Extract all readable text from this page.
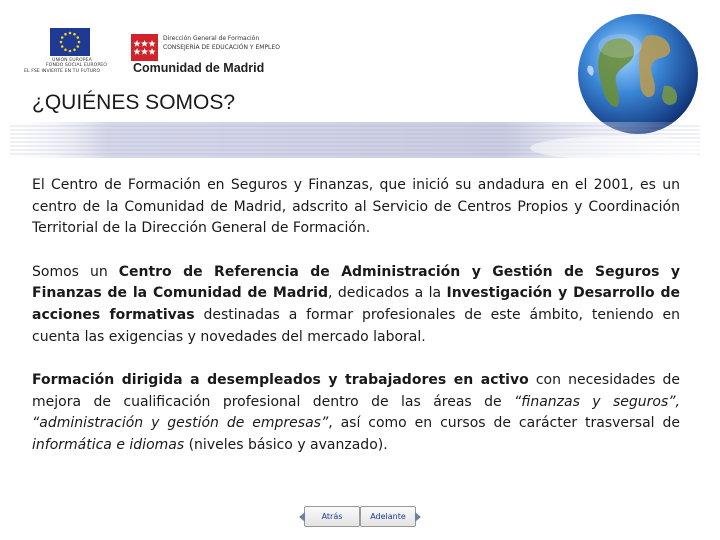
UNIÓN EUROPEA
FONDO SOCIAL EUROPEO
EL FSE INVIERTE EN TU FUTURO
Dirección General de Formación
CONSEJERÍA DE EDUCACIÓN Y EMPLEO
Comunidad de Madrid
¿QUIÉNES SOMOS?

El Centro de Formación en Seguros y Finanzas, que inició su andadura en el 2001, es un centro de la Comunidad de Madrid, adscrito al Servicio de Centros Propios y Coordinación Territorial de la Dirección General de Formación.

Somos un Centro de Referencia de Administración y Gestión de Seguros y Finanzas de la Comunidad de Madrid, dedicados a la Investigación y Desarrollo de acciones formativas destinadas a formar profesionales de este ámbito, teniendo en cuenta las exigencias y novedades del mercado laboral.

Formación dirigida a desempleados y trabajadores en activo con necesidades de mejora de cualificación profesional dentro de las áreas de “finanzas y seguros”, “administración y gestión de empresas”, así como en cursos de carácter trasversal de informática e idiomas (niveles básico y avanzado).

Atrás	Adelante
